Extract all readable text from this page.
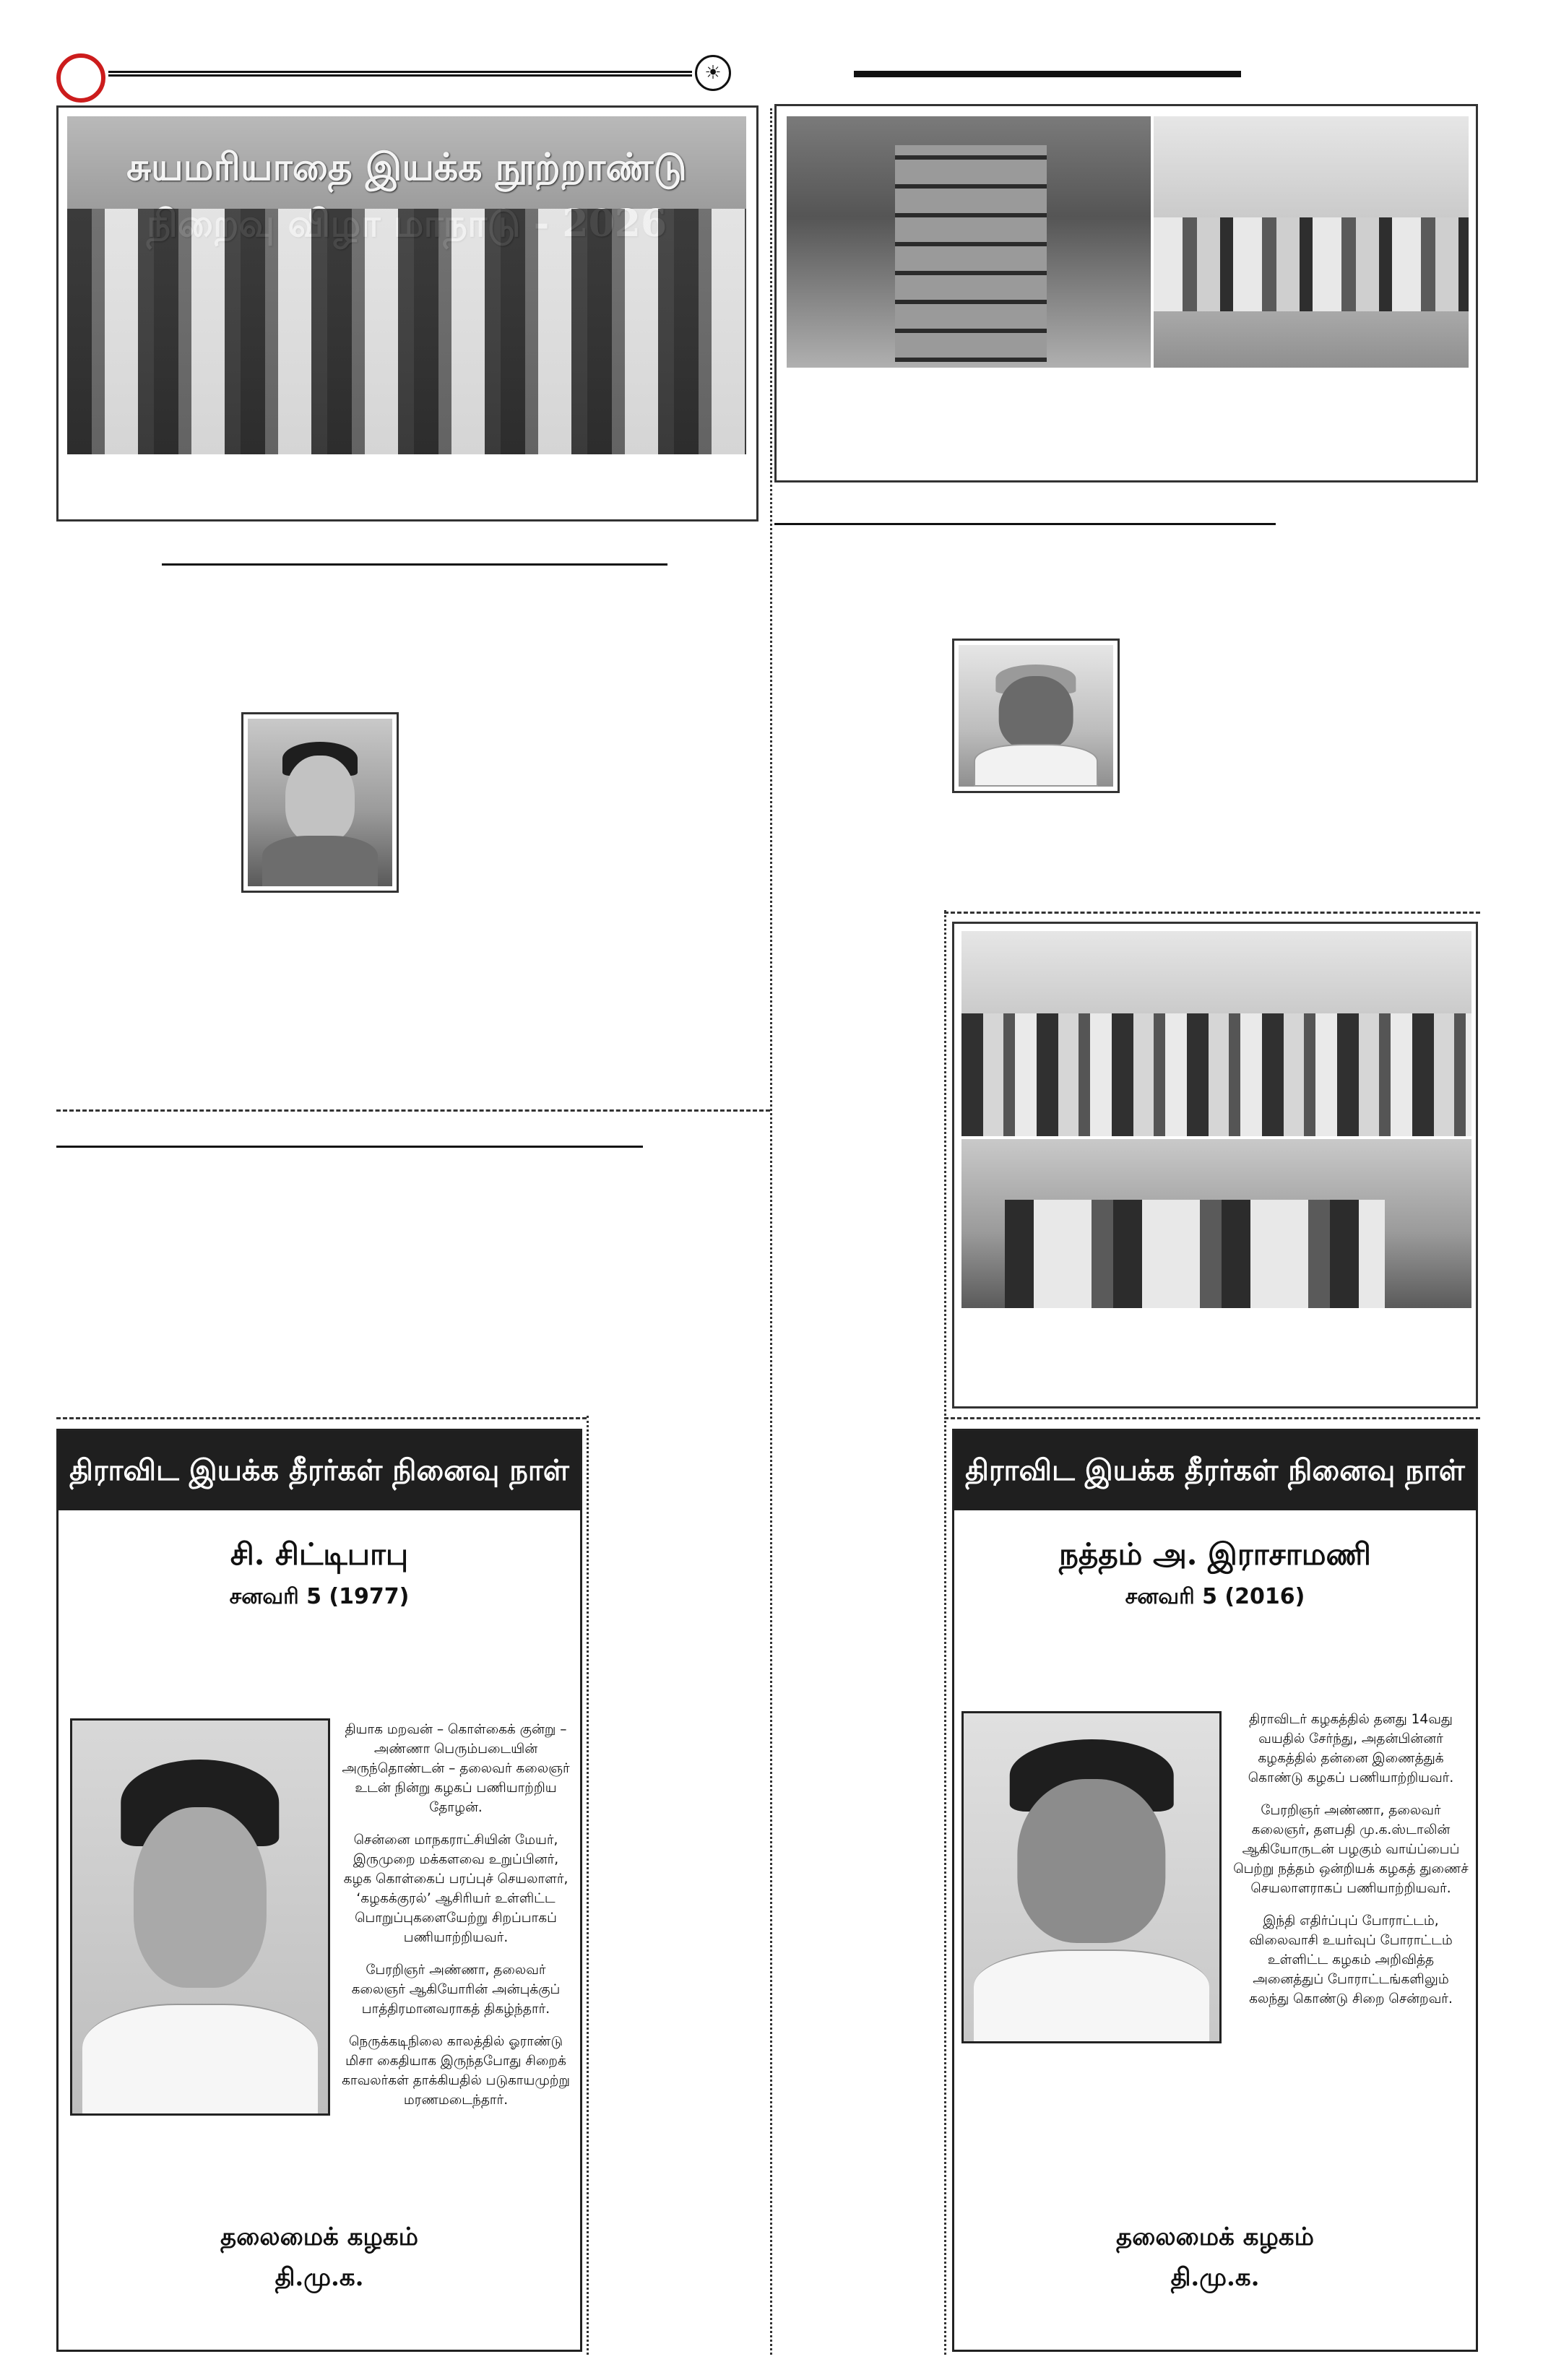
☀
சுயமரியாதை இயக்க நூற்றாண்டு
திராவிட இயக்க தீரர்கள் நினைவு நாள்
சி. சிட்டிபாபு
சனவரி 5 (1977)

தியாக மறவன் – கொள்கைக் குன்று – அண்ணா பெரும்படையின் அருந்தொண்டன் – தலைவர் கலைஞர் உடன் நின்று கழகப் பணியாற்றிய தோழன்.

சென்னை மாநகராட்சியின் மேயர், இருமுறை மக்களவை உறுப்பினர், கழக கொள்கைப் பரப்புச் செயலாளர், ‘கழகக்குரல்’ ஆசிரியர் உள்ளிட்ட பொறுப்புகளையேற்று சிறப்பாகப் பணியாற்றியவர்.

பேரறிஞர் அண்ணா, தலைவர் கலைஞர் ஆகியோரின் அன்புக்குப் பாத்திரமானவராகத் திகழ்ந்தார்.

நெருக்கடிநிலை காலத்தில் ஓராண்டு மிசா கைதியாக இருந்தபோது சிறைக் காவலர்கள் தாக்கியதில் படுகாயமுற்று மரணமடைந்தார்.

தலைமைக் கழகம்
தி.மு.க.
திராவிட இயக்க தீரர்கள் நினைவு நாள்
நத்தம் அ. இராசாமணி
சனவரி 5 (2016)

திராவிடர் கழகத்தில் தனது 14வது வயதில் சேர்ந்து, அதன்பின்னர் கழகத்தில் தன்னை இணைத்துக் கொண்டு கழகப் பணியாற்றியவர்.

பேரறிஞர் அண்ணா, தலைவர் கலைஞர், தளபதி மு.க.ஸ்டாலின் ஆகியோருடன் பழகும் வாய்ப்பைப் பெற்று நத்தம் ஒன்றியக் கழகத் துணைச் செயலாளராகப் பணியாற்றியவர்.

இந்தி எதிர்ப்புப் போராட்டம், விலைவாசி உயர்வுப் போராட்டம் உள்ளிட்ட கழகம் அறிவித்த அனைத்துப் போராட்டங்களிலும் கலந்து கொண்டு சிறை சென்றவர்.

தலைமைக் கழகம்
தி.மு.க.
